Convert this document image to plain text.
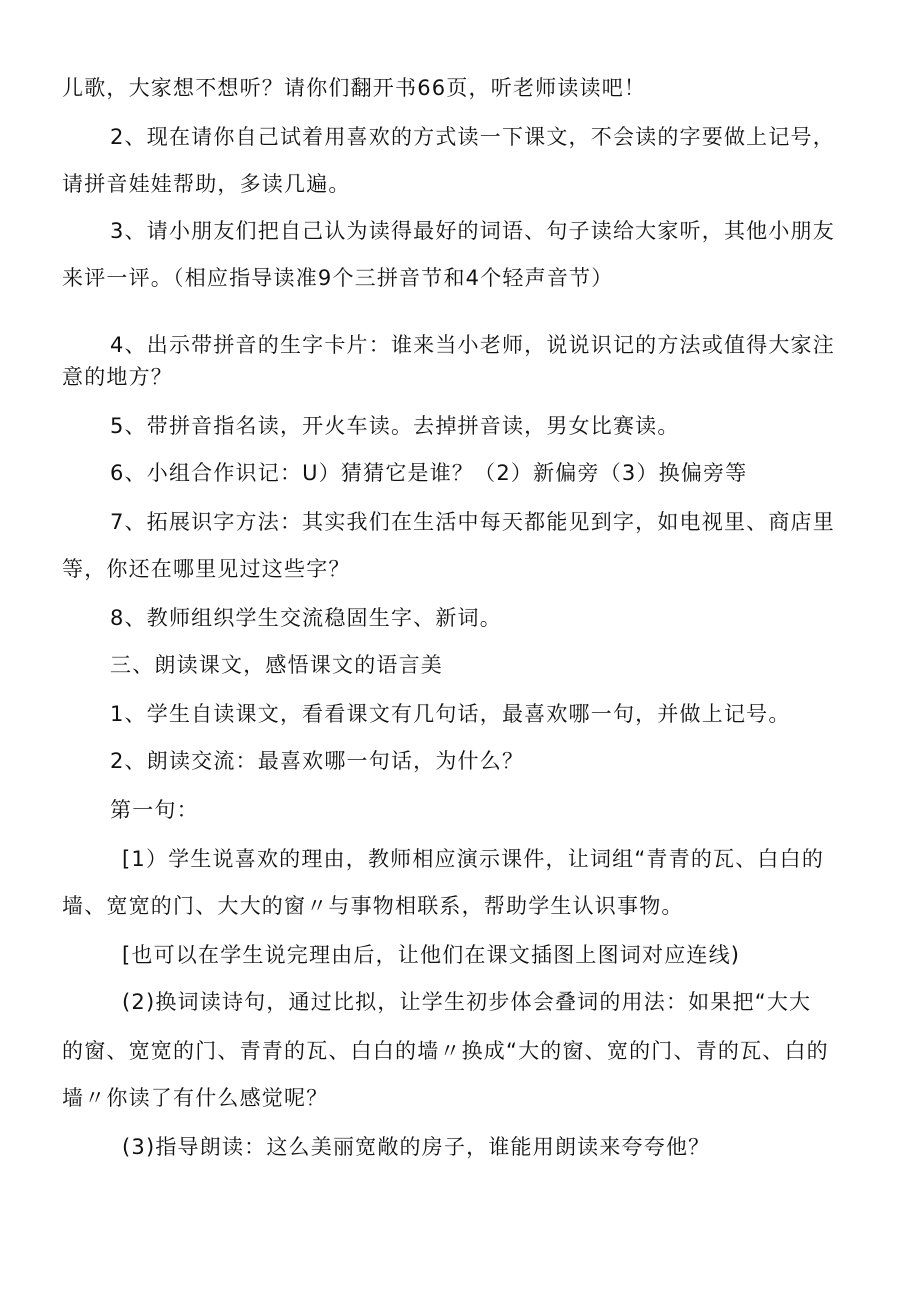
儿歌，大家想不想听？请你们翻开书66页，听老师读读吧！
2、现在请你自己试着用喜欢的方式读一下课文，不会读的字要做上记号，
请拼音娃娃帮助，多读几遍。
3、请小朋友们把自己认为读得最好的词语、句子读给大家听，其他小朋友
来评一评。（相应指导读准9个三拼音节和4个轻声音节）
4、出示带拼音的生字卡片：谁来当小老师，说说识记的方法或值得大家注
意的地方？
5、带拼音指名读，开火车读。去掉拼音读，男女比赛读。
6、小组合作识记：U）猜猜它是谁？（2）新偏旁（3）换偏旁等
7、拓展识字方法：其实我们在生活中每天都能见到字，如电视里、商店里
等，你还在哪里见过这些字？
8、教师组织学生交流稳固生字、新词。
三、朗读课文，感悟课文的语言美
1、学生自读课文，看看课文有几句话，最喜欢哪一句，并做上记号。
2、朗读交流：最喜欢哪一句话，为什么？
第一句：
[1）学生说喜欢的理由，教师相应演示课件，让词组“青青的瓦、白白的
墙、宽宽的门、大大的窗〃与事物相联系，帮助学生认识事物。
[也可以在学生说完理由后，让他们在课文插图上图词对应连线)
(2)换词读诗句，通过比拟，让学生初步体会叠词的用法：如果把“大大
的窗、宽宽的门、青青的瓦、白白的墙〃换成“大的窗、宽的门、青的瓦、白的
墙〃你读了有什么感觉呢？
(3)指导朗读：这么美丽宽敞的房子，谁能用朗读来夸夸他？
